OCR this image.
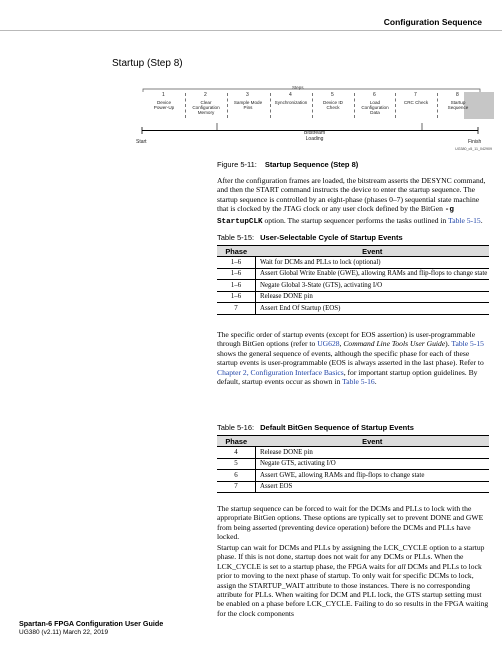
Configuration Sequence
Startup (Step 8)
Steps
1
Device
Power-Up
2
Clear
Configuration
Memory
3
Sample Mode
Pins
4
Synchronization
5
Device ID
Check
6
Load
Configuration
Data
7
CRC Check
8
Startup
Sequence
Start	Finish
Bitstream
Loading
UG380_c5_11_042909
Figure 5-11: Startup Sequence (Step 8)
After the configuration frames are loaded, the bitstream asserts the DESYNC command, and then the START command instructs the device to enter the startup sequence. The startup sequence is controlled by an eight-phase (phases 0–7) sequential state machine that is clocked by the JTAG clock or any user clock defined by the BitGen -g StartupCLK option. The startup sequencer performs the tasks outlined in Table 5-15.
Table 5-15: User-Selectable Cycle of Startup Events
Phase	Event
1–6	Wait for DCMs and PLLs to lock (optional)
1–6	Assert Global Write Enable (GWE), allowing RAMs and flip-flops to change state
1–6	Negate Global 3-State (GTS), activating I/O
1–6	Release DONE pin
7	Assert End Of Startup (EOS)
The specific order of startup events (except for EOS assertion) is user-programmable through BitGen options (refer to UG628, Command Line Tools User Guide). Table 5-15 shows the general sequence of events, although the specific phase for each of these startup events is user-programmable (EOS is always asserted in the last phase). Refer to Chapter 2, Configuration Interface Basics, for important startup option guidelines. By default, startup events occur as shown in Table 5-16.
Table 5-16: Default BitGen Sequence of Startup Events
Phase	Event
4	Release DONE pin
5	Negate GTS, activating I/O
6	Assert GWE, allowing RAMs and flip-flops to change state
7	Assert EOS
The startup sequence can be forced to wait for the DCMs and PLLs to lock with the appropriate BitGen options. These options are typically set to prevent DONE and GWE from being asserted (preventing device operation) before the DCMs and PLLs have locked.
Startup can wait for DCMs and PLLs by assigning the LCK_CYCLE option to a startup phase. If this is not done, startup does not wait for any DCMs or PLLs. When the LCK_CYCLE is set to a startup phase, the FPGA waits for all DCMs and PLLs to lock prior to moving to the next phase of startup. To only wait for specific DCMs to lock, assign the STARTUP_WAIT attribute to those instances. There is no corresponding attribute for PLLs. When waiting for DCM and PLL lock, the GTS startup setting must be enabled on a phase before LCK_CYCLE. Failing to do so results in the FPGA waiting for the clock components
Spartan-6 FPGA Configuration User Guide
UG380 (v2.11) March 22, 2019
